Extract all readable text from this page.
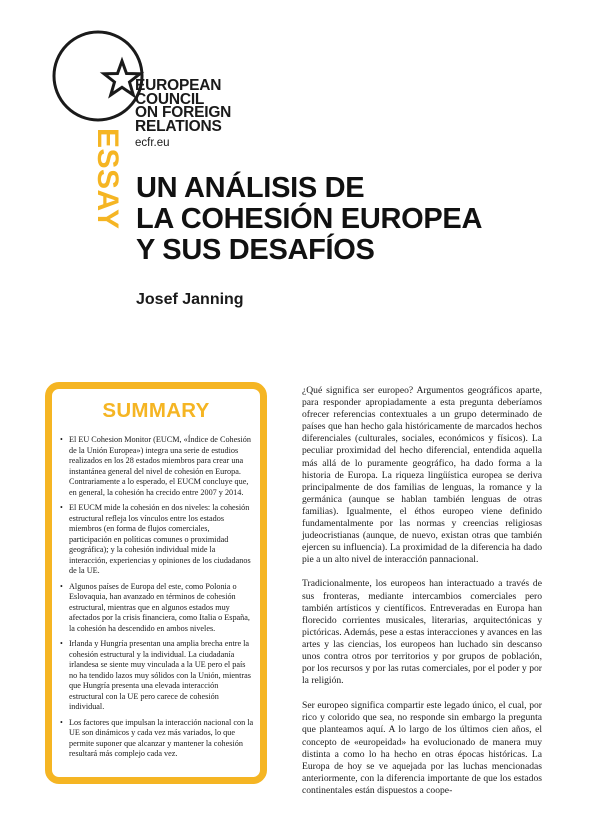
EUROPEAN
COUNCIL
ON FOREIGN
RELATIONS
ecfr.eu
ESSAY UN ANÁLISIS DE
LA COHESIÓN EUROPEA
Y SUS DESAFÍOS
Josef Janning
SUMMARY
• El EU Cohesion Monitor (EUCM, «Índice de Cohesión de la Unión Europea») integra una serie de estudios realizados en los 28 estados miembros para crear una instantánea general del nivel de cohesión en Europa. Contrariamente a lo esperado, el EUCM concluye que, en general, la cohesión ha crecido entre 2007 y 2014.
• El EUCM mide la cohesión en dos niveles: la cohesión estructural refleja los vínculos entre los estados miembros (en forma de flujos comerciales, participación en políticas comunes o proximidad geográfica); y la cohesión individual mide la interacción, experiencias y opiniones de los ciudadanos de la UE.
• Algunos países de Europa del este, como Polonia o Eslovaquia, han avanzado en términos de cohesión estructural, mientras que en algunos estados muy afectados por la crisis financiera, como Italia o España, la cohesión ha descendido en ambos niveles.
• Irlanda y Hungría presentan una amplia brecha entre la cohesión estructural y la individual. La ciudadanía irlandesa se siente muy vinculada a la UE pero el país no ha tendido lazos muy sólidos con la Unión, mientras que Hungría presenta una elevada interacción estructural con la UE pero carece de cohesión individual.
• Los factores que impulsan la interacción nacional con la UE son dinámicos y cada vez más variados, lo que permite suponer que alcanzar y mantener la cohesión resultará más complejo cada vez.

¿Qué significa ser europeo? Argumentos geográficos aparte, para responder apropiadamente a esta pregunta deberíamos ofrecer referencias contextuales a un grupo determinado de países que han hecho gala históricamente de marcados hechos diferenciales (culturales, sociales, económicos y físicos). La peculiar proximidad del hecho diferencial, entendida aquella más allá de lo puramente geográfico, ha dado forma a la historia de Europa. La riqueza lingüística europea se deriva principalmente de dos familias de lenguas, la romance y la germánica (aunque se hablan también lenguas de otras familias). Igualmente, el éthos europeo viene definido fundamentalmente por las normas y creencias religiosas judeocristianas (aunque, de nuevo, existan otras que también ejercen su influencia). La proximidad de la diferencia ha dado pie a un alto nivel de interacción pannacional.

Tradicionalmente, los europeos han interactuado a través de sus fronteras, mediante intercambios comerciales pero también artísticos y científicos. Entreveradas en Europa han florecido corrientes musicales, literarias, arquitectónicas y pictóricas. Además, pese a estas interacciones y avances en las artes y las ciencias, los europeos han luchado sin descanso unos contra otros por territorios y por grupos de población, por los recursos y por las rutas comerciales, por el poder y por la religión.

Ser europeo significa compartir este legado único, el cual, por rico y colorido que sea, no responde sin embargo la pregunta que planteamos aquí. A lo largo de los últimos cien años, el concepto de «europeidad» ha evolucionado de manera muy distinta a como lo ha hecho en otras épocas históricas. La Europa de hoy se ve aquejada por las luchas mencionadas anteriormente, con la diferencia importante de que los estados continentales están dispuestos a coope-
